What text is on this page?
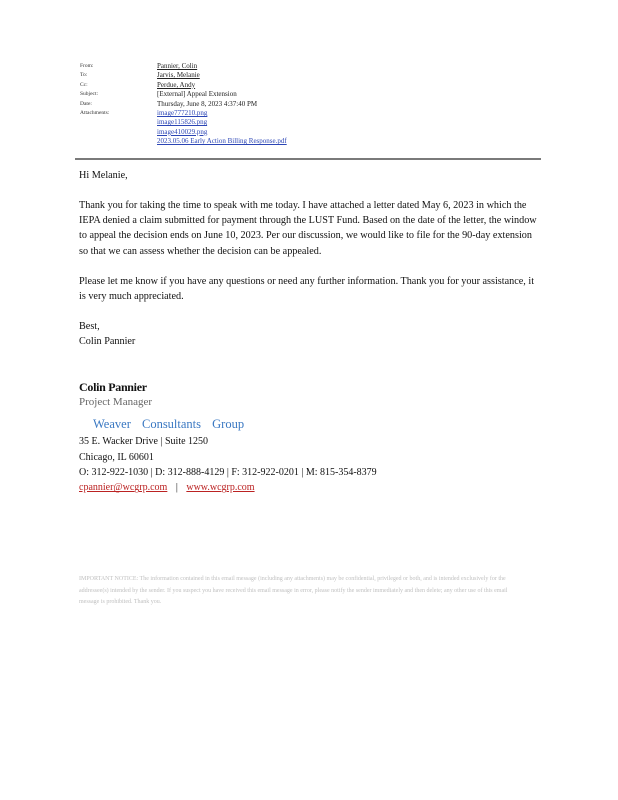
From:	Pannier, Colin
To:	Jarvis, Melanie
Cc:	Perdue, Andy
Subject:	[External] Appeal Extension
Date:	Thursday, June 8, 2023 4:37:40 PM
Attachments:	image777210.png
image115826.png
image410029.png
2023.05.06 Early Action Billing Response.pdf

Hi Melanie,

Thank you for taking the time to speak with me today. I have attached a letter dated May 6, 2023 in which the IEPA denied a claim submitted for payment through the LUST Fund. Based on the date of the letter, the window to appeal the decision ends on June 10, 2023. Per our discussion, we would like to file for the 90-day extension so that we can assess whether the decision can be appealed.

Please let me know if you have any questions or need any further information. Thank you for your assistance, it is very much appreciated.

Best,
Colin Pannier
Colin Pannier
Project Manager
Weaver Consultants Group
35 E. Wacker Drive | Suite 1250
Chicago, IL 60601
O: 312-922-1030 | D: 312-888-4129 | F: 312-922-0201 | M: 815-354-8379
cpannier@wcgrp.com | www.wcgrp.com
IMPORTANT NOTICE: The information contained in this email message (including any attachments) may be confidential, privileged or both, and is intended exclusively for the addressee(s) intended by the sender. If you suspect you have received this email message in error, please notify the sender immediately and then delete; any other use of this email message is prohibited. Thank you.
